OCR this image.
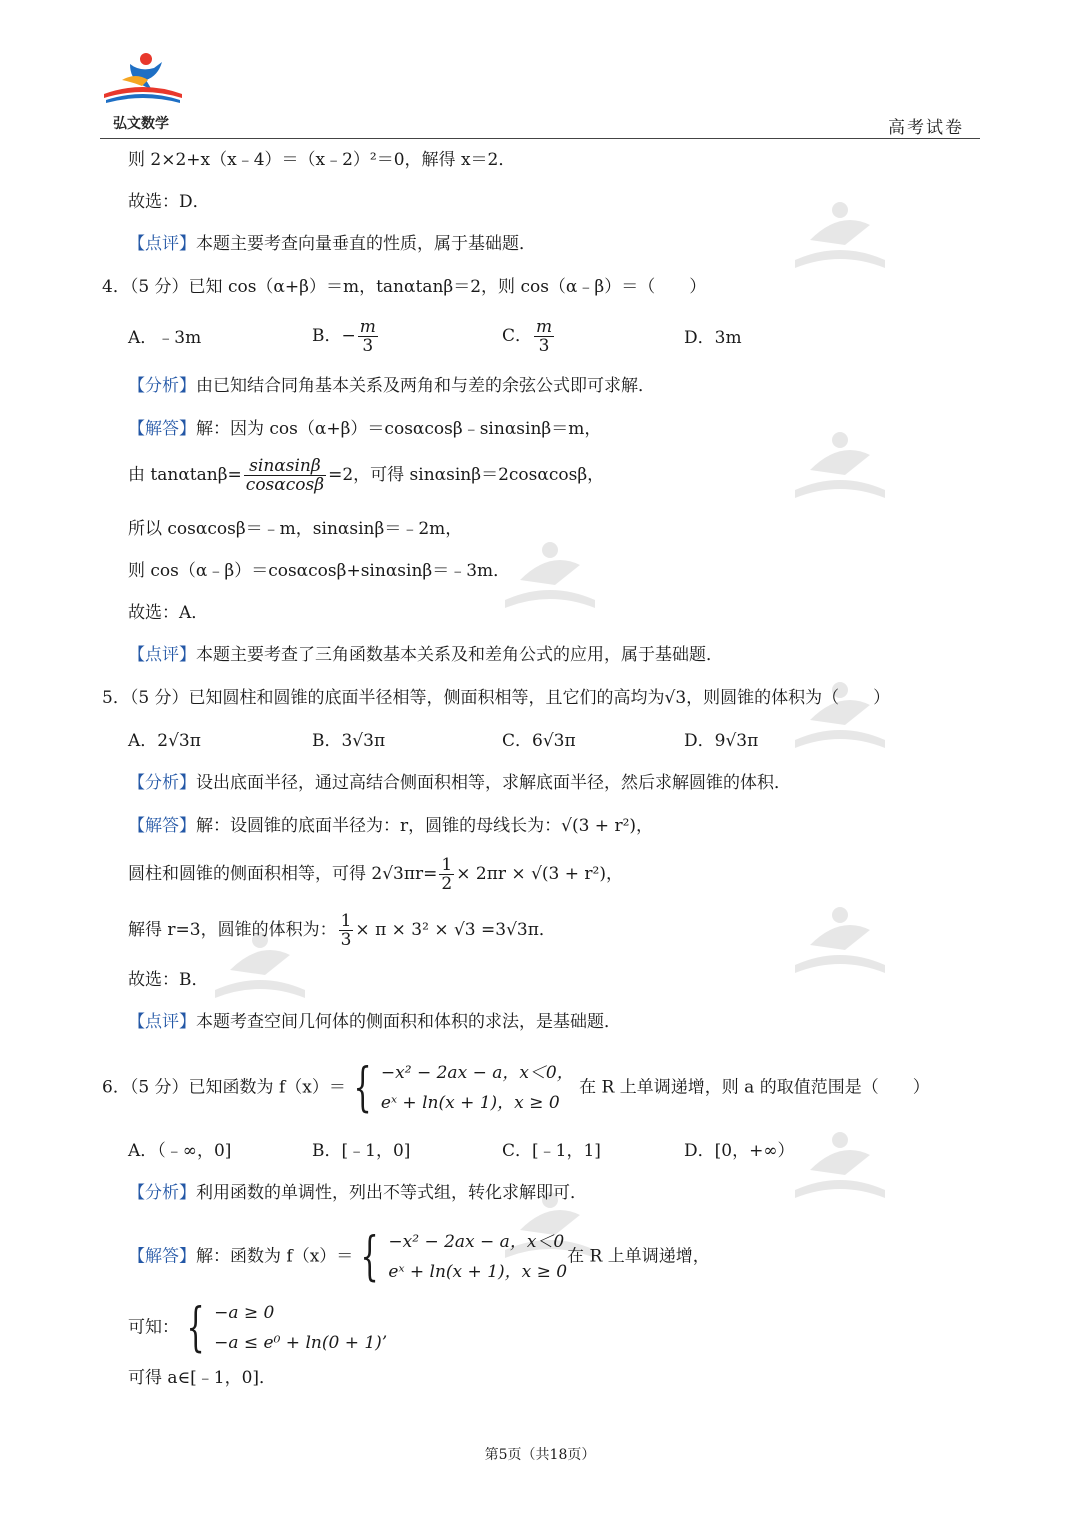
弘文数学	高考试卷
则 2×2+x（x﹣4）＝（x﹣2）²＝0，解得 x＝2．
故选：D．
【点评】本题主要考查向量垂直的性质，属于基础题．
4．（5 分）已知 cos（α+β）＝m，tanαtanβ＝2，则 cos（α﹣β）＝（　　）
A．﹣3m	B．− $\frac{m}{3}$	C． $\frac{m}{3}$	D．3m
【分析】由已知结合同角基本关系及两角和与差的余弦公式即可求解．
【解答】解：因为 cos（α+β）＝cosαcosβ﹣sinαsinβ＝m，
由 $\tan\alpha\tan\beta= \frac{\sin\alpha\sin\beta}{\cos\alpha\cos\beta} =2$，可得 sinαsinβ＝2cosαcosβ，
所以 cosαcosβ＝﹣m，sinαsinβ＝﹣2m，
则 cos（α﹣β）＝cosαcosβ+sinαsinβ＝﹣3m．
故选：A．
【点评】本题主要考查了三角函数基本关系及和差角公式的应用，属于基础题．
5．（5 分）已知圆柱和圆锥的底面半径相等，侧面积相等，且它们的高均为√3，则圆锥的体积为（　　）
A．2√3π	B．3√3π	C．6√3π	D．9√3π
【分析】设出底面半径，通过高结合侧面积相等，求解底面半径，然后求解圆锥的体积．
【解答】解：设圆锥的底面半径为：r，圆锥的母线长为：√(3 + r²)，
圆柱和圆锥的侧面积相等，可得 $2√3\pi r= \frac{1}{2} \times 2\pi r \times √(3 + r^2)$，
解得 r=3，圆锥的体积为： $\frac{1}{3} \times \pi \times 3^2 \times √3 =3√3\pi$．
故选：B．
【点评】本题考查空间几何体的侧面积和体积的求法，是基础题．
6．（5 分）已知函数为 f（x）＝ { −x² − 2ax − a，x＜0，
eˣ + ln(x + 1)，x ≥ 0
在 R 上单调递增，则 a 的取值范围是（　　）
A．（﹣∞，0]	B．[﹣1，0]	C．[﹣1，1]	D．[0，+∞）
【分析】利用函数的单调性，列出不等式组，转化求解即可．
【解答】解：函数为 f（x）＝ { −x² − 2ax − a，x＜0
eˣ + ln(x + 1)，x ≥ 0
在 R 上单调递增，
可知： { −a ≥ 0
−a ≤ e⁰ + ln(0 + 1)’
可得 a∈[﹣1，0]．
第5页（共18页）
